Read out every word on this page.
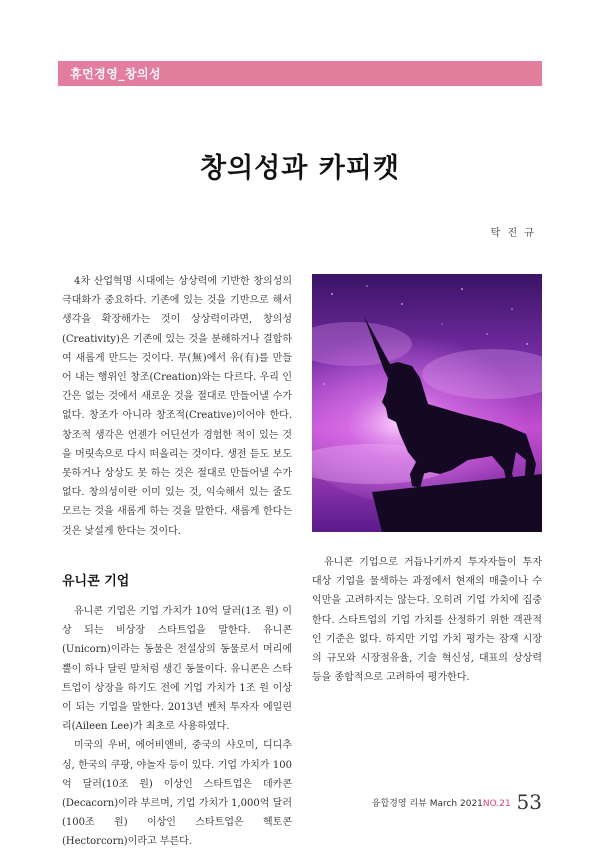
휴먼경영_창의성
창의성과 카피캣
탁 진 규

4차 산업혁명 시대에는 상상력에 기반한 창의성의 극대화가 중요하다. 기존에 있는 것을 기반으로 해서 생각을 확장해가는 것이 상상력이라면, 창의성(Creativity)은 기존에 있는 것을 분해하거나 결합하여 새롭게 만드는 것이다. 무(無)에서 유(有)를 만들어 내는 행위인 창조(Creation)와는 다르다. 우리 인간은 없는 것에서 새로운 것을 절대로 만들어낼 수가 없다. 창조가 아니라 창조적(Creative)이어야 한다. 창조적 생각은 언젠가 어딘선가 경험한 적이 있는 것을 머릿속으로 다시 떠올리는 것이다. 생전 듣도 보도 못하거나 상상도 못 하는 것은 절대로 만들어낼 수가 없다. 창의성이란 이미 있는 것, 익숙해서 있는 줄도 모르는 것을 새롭게 하는 것을 말한다. 새롭게 한다는 것은 낯설게 한다는 것이다.

유니콘 기업

유니콘 기업은 기업 가치가 10억 달러(1조 원) 이상 되는 비상장 스타트업을 말한다. 유니콘(Unicorn)이라는 동물은 전설상의 동물로서 머리에 뿔이 하나 달린 말처럼 생긴 동물이다. 유니콘은 스타트업이 상장을 하기도 전에 기업 가치가 1조 원 이상이 되는 기업을 말한다. 2013년 벤처 투자자 에일린 리(Aileen Lee)가 최초로 사용하였다.

미국의 우버, 에어비앤비, 중국의 샤오미, 디디추싱, 한국의 쿠팡, 야놀자 등이 있다. 기업 가치가 100억 달러(10조 원) 이상인 스타트업은 데카콘(Decacorn)이라 부르며, 기업 가치가 1,000억 달러(100조 원) 이상인 스타트업은 헥토콘(Hectorcorn)이라고 부른다.

유니콘 기업으로 거듭나기까지 투자자들이 투자 대상 기업을 물색하는 과정에서 현재의 매출이나 수익만을 고려하지는 않는다. 오히려 기업 가치에 집중한다. 스타트업의 기업 가치를 산정하기 위한 객관적인 기준은 없다. 하지만 기업 가치 평가는 잠재 시장의 규모와 시장점유율, 기술 혁신성, 대표의 상상력 등을 종합적으로 고려하여 평가한다.

융합경영 리뷰 March 2021NO.21 53
